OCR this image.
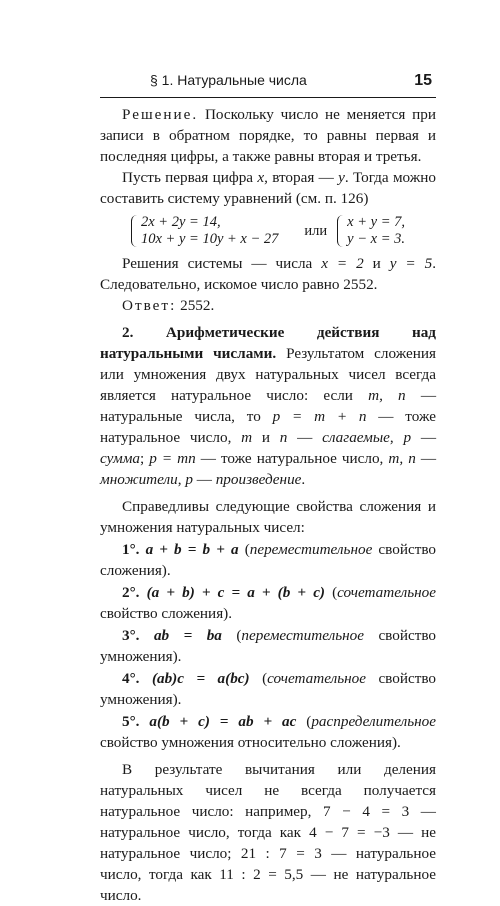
§ 1. Натуральные числа	15

Решение. Поскольку число не меняется при записи в обратном порядке, то равны первая и последняя цифры, а также равны вторая и третья.

Пусть первая цифра x, вторая — y. Тогда можно составить систему уравнений (см. п. 126)

2x + 2y = 14,
10x + y = 10y + x − 27
или
x + y = 7,
y − x = 3.

Решения системы — числа x = 2 и y = 5. Следовательно, искомое число равно 2552.

Ответ: 2552.

2. Арифметические действия над натуральными числами. Результатом сложения или умножения двух натуральных чисел всегда является натуральное число: если m, n — натуральные числа, то p = m + n — тоже натуральное число, m и n — слагаемые, p — сумма; p = mn — тоже натуральное число, m, n — множители, p — произведение.

Справедливы следующие свойства сложения и умножения натуральных чисел:

1°. a + b = b + a (переместительное свойство сложения).

2°. (a + b) + c = a + (b + c) (сочетательное свойство сложения).

3°. ab = ba (переместительное свойство умножения).

4°. (ab)c = a(bc) (сочетательное свойство умножения).

5°. a(b + c) = ab + ac (распределительное свойство умножения относительно сложения).

В результате вычитания или деления натуральных чисел не всегда получается натуральное число: например, 7 − 4 = 3 — натуральное число, тогда как 4 − 7 = −3 — не натуральное число; 21 : 7 = 3 — натуральное число, тогда как 11 : 2 = 5,5 — не натуральное число.
